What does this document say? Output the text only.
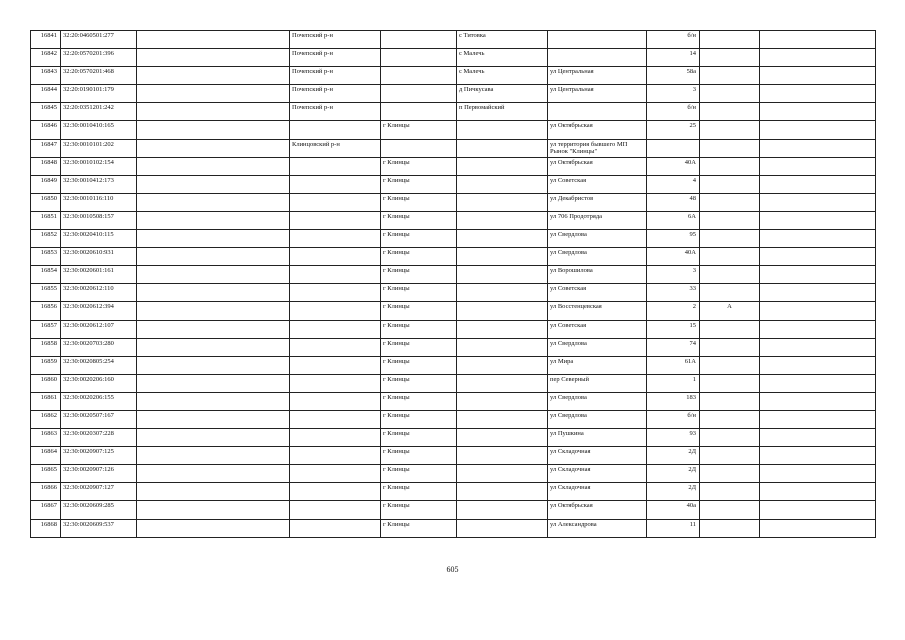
16841	32:20:0460501:277		Почепский р-н		с Титовка		б/н		
16842	32:20:0570201:396		Почепский р-н		с Малечь		14		
16843	32:20:0570201:468		Почепский р-н		с Малечь	ул Центральная	58а		
16844	32:20:0190101:179		Почепский р-н		д Пичкусава	ул Центральная	3		
16845	32:20:0351201:242		Почепский р-н		п Первомайский		б/н		
16846	32:30:0010410:165			г Клинцы		ул Октябрьская	25		
16847	32:30:0010101:202		Клинцовский р-н			ул территория бывшего МП Рынок "Клинцы"			
16848	32:30:0010102:154			г Клинцы		ул Октябрьская	40А		
16849	32:30:0010412:173			г Клинцы		ул Советская	4		
16850	32:30:0010116:110			г Клинцы		ул Декабристов	48		
16851	32:30:0010508:157			г Клинцы		ул 706 Продотряда	6А		
16852	32:30:0020410:115			г Клинцы		ул Свердлова	95		
16853	32:30:0020610:931			г Клинцы		ул Свердлова	40А		
16854	32:30:0020601:161			г Клинцы		ул Ворошилова	3		
16855	32:30:0020612:110			г Клинцы		ул Советская	33		
16856	32:30:0020612:394			г Клинцы		ул Восстенцевская	2	А	
16857	32:30:0020612:107			г Клинцы		ул Советская	15		
16858	32:30:0020703:280			г Клинцы		ул Свердлова	74		
16859	32:30:0020805:254			г Клинцы		ул Мира	61А		
16860	32:30:0020206:160			г Клинцы		пер Северный	1		
16861	32:30:0020206:155			г Клинцы		ул Свердлова	183		
16862	32:30:0020507:167			г Клинцы		ул Свердлова	б/н		
16863	32:30:0020307:228			г Клинцы		ул Пушкина	93		
16864	32:30:0020907:125			г Клинцы		ул Складочная	2Д		
16865	32:30:0020907:126			г Клинцы		ул Складочная	2Д		
16866	32:30:0020907:127			г Клинцы		ул Складочная	2Д		
16867	32:30:0020609:285			г Клинцы		ул Октябрьская	40а		
16868	32:30:0020609:537			г Клинцы		ул Александрова	11		
605
